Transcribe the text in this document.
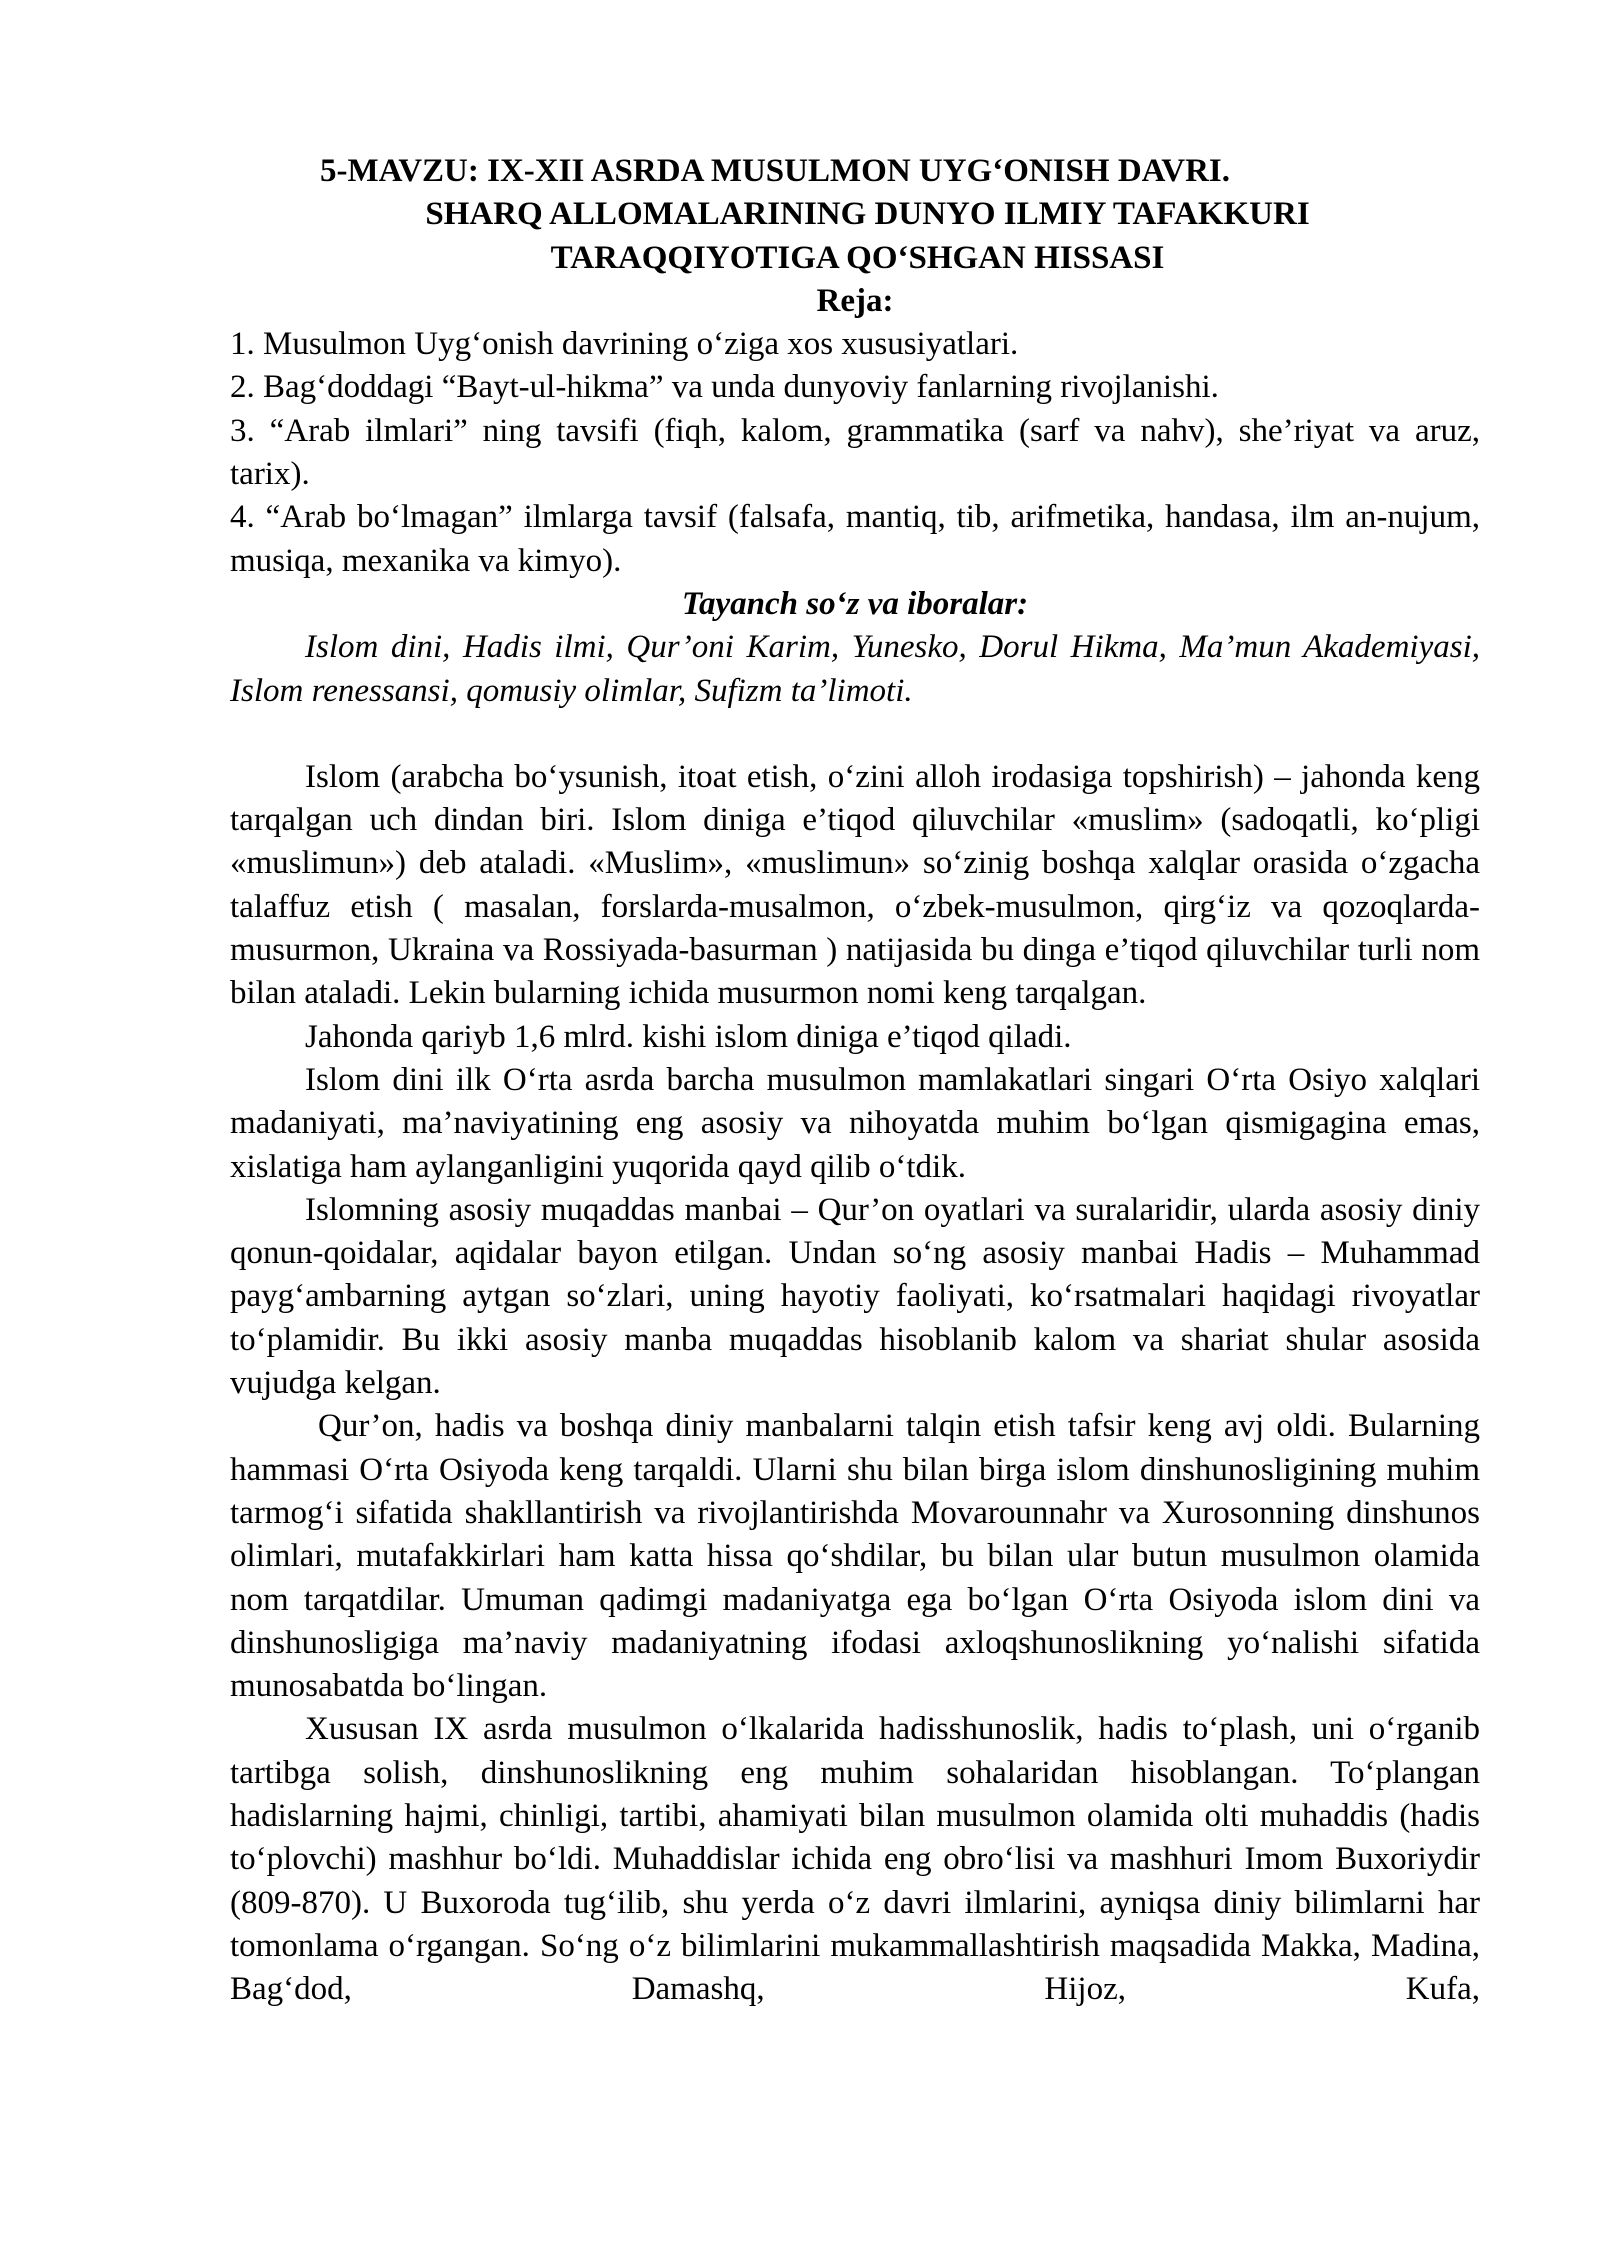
5-MAVZU: IX-XII ASRDA MUSULMON UYG‘ONISH DAVRI.
SHARQ ALLOMALARINING DUNYO ILMIY TAFAKKURI
TARAQQIYOTIGA QO‘SHGAN HISSASI
Reja:
1. Musulmon Uyg‘onish davrining o‘ziga xos xususiyatlari.
2. Bag‘doddagi “Bayt-ul-hikma” va unda dunyoviy fanlarning rivojlanishi.
3. “Arab ilmlari” ning tavsifi (fiqh, kalom, grammatika (sarf va nahv), she’riyat va aruz, tarix).
4. “Arab bo‘lmagan” ilmlarga tavsif (falsafa, mantiq, tib, arifmetika, handasa, ilm an-nujum, musiqa, mexanika va kimyo).
Tayanch so‘z va iboralar:
Islom dini, Hadis ilmi, Qur’oni Karim, Yunesko, Dorul Hikma, Ma’mun Akademiyasi, Islom renessansi, qomusiy olimlar, Sufizm ta’limoti.

Islom (arabcha bo‘ysunish, itoat etish, o‘zini alloh irodasiga topshirish) – jahonda keng tarqalgan uch dindan biri. Islom diniga e’tiqod qiluvchilar «muslim» (sadoqatli, ko‘pligi «muslimun») deb ataladi. «Muslim», «muslimun» so‘zinig boshqa xalqlar orasida o‘zgacha talaffuz etish ( masalan, forslarda-musalmon, o‘zbek-musulmon, qirg‘iz va qozoqlarda-musurmon, Ukraina va Rossiyada-basurman ) natijasida bu dinga e’tiqod qiluvchilar turli nom bilan ataladi. Lekin bularning ichida musurmon nomi keng tarqalgan.

Jahonda qariyb 1,6 mlrd. kishi islom diniga e’tiqod qiladi.

Islom dini ilk O‘rta asrda barcha musulmon mamlakatlari singari O‘rta Osiyo xalqlari madaniyati, ma’naviyatining eng asosiy va nihoyatda muhim bo‘lgan qismigagina emas, xislatiga ham aylanganligini yuqorida qayd qilib o‘tdik.

Islomning asosiy muqaddas manbai – Qur’on oyatlari va suralaridir, ularda asosiy diniy qonun-qoidalar, aqidalar bayon etilgan. Undan so‘ng asosiy manbai Hadis – Muhammad payg‘ambarning aytgan so‘zlari, uning hayotiy faoliyati, ko‘rsatmalari haqidagi rivoyatlar to‘plamidir. Bu ikki asosiy manba muqaddas hisoblanib kalom va shariat shular asosida vujudga kelgan.

Qur’on, hadis va boshqa diniy manbalarni talqin etish tafsir keng avj oldi. Bularning hammasi O‘rta Osiyoda keng tarqaldi. Ularni shu bilan birga islom dinshunosligining muhim tarmog‘i sifatida shakllantirish va rivojlantirishda Movarounnahr va Xurosonning dinshunos olimlari, mutafakkirlari ham katta hissa qo‘shdilar, bu bilan ular butun musulmon olamida nom tarqatdilar. Umuman qadimgi madaniyatga ega bo‘lgan O‘rta Osiyoda islom dini va dinshunosligiga ma’naviy madaniyatning ifodasi axloqshunoslikning yo‘nalishi sifatida munosabatda bo‘lingan.

Xususan IX asrda musulmon o‘lkalarida hadisshunoslik, hadis to‘plash, uni o‘rganib tartibga solish, dinshunoslikning eng muhim sohalaridan hisoblangan. To‘plangan hadislarning hajmi, chinligi, tartibi, ahamiyati bilan musulmon olamida olti muhaddis (hadis to‘plovchi) mashhur bo‘ldi. Muhaddislar ichida eng obro‘lisi va mashhuri Imom Buxoriydir (809-870). U Buxoroda tug‘ilib, shu yerda o‘z davri ilmlarini, ayniqsa diniy bilimlarni har tomonlama o‘rgangan. So‘ng o‘z bilimlarini mukammallashtirish maqsadida Makka, Madina, Bag‘dod, Damashq, Hijoz, Kufa,
